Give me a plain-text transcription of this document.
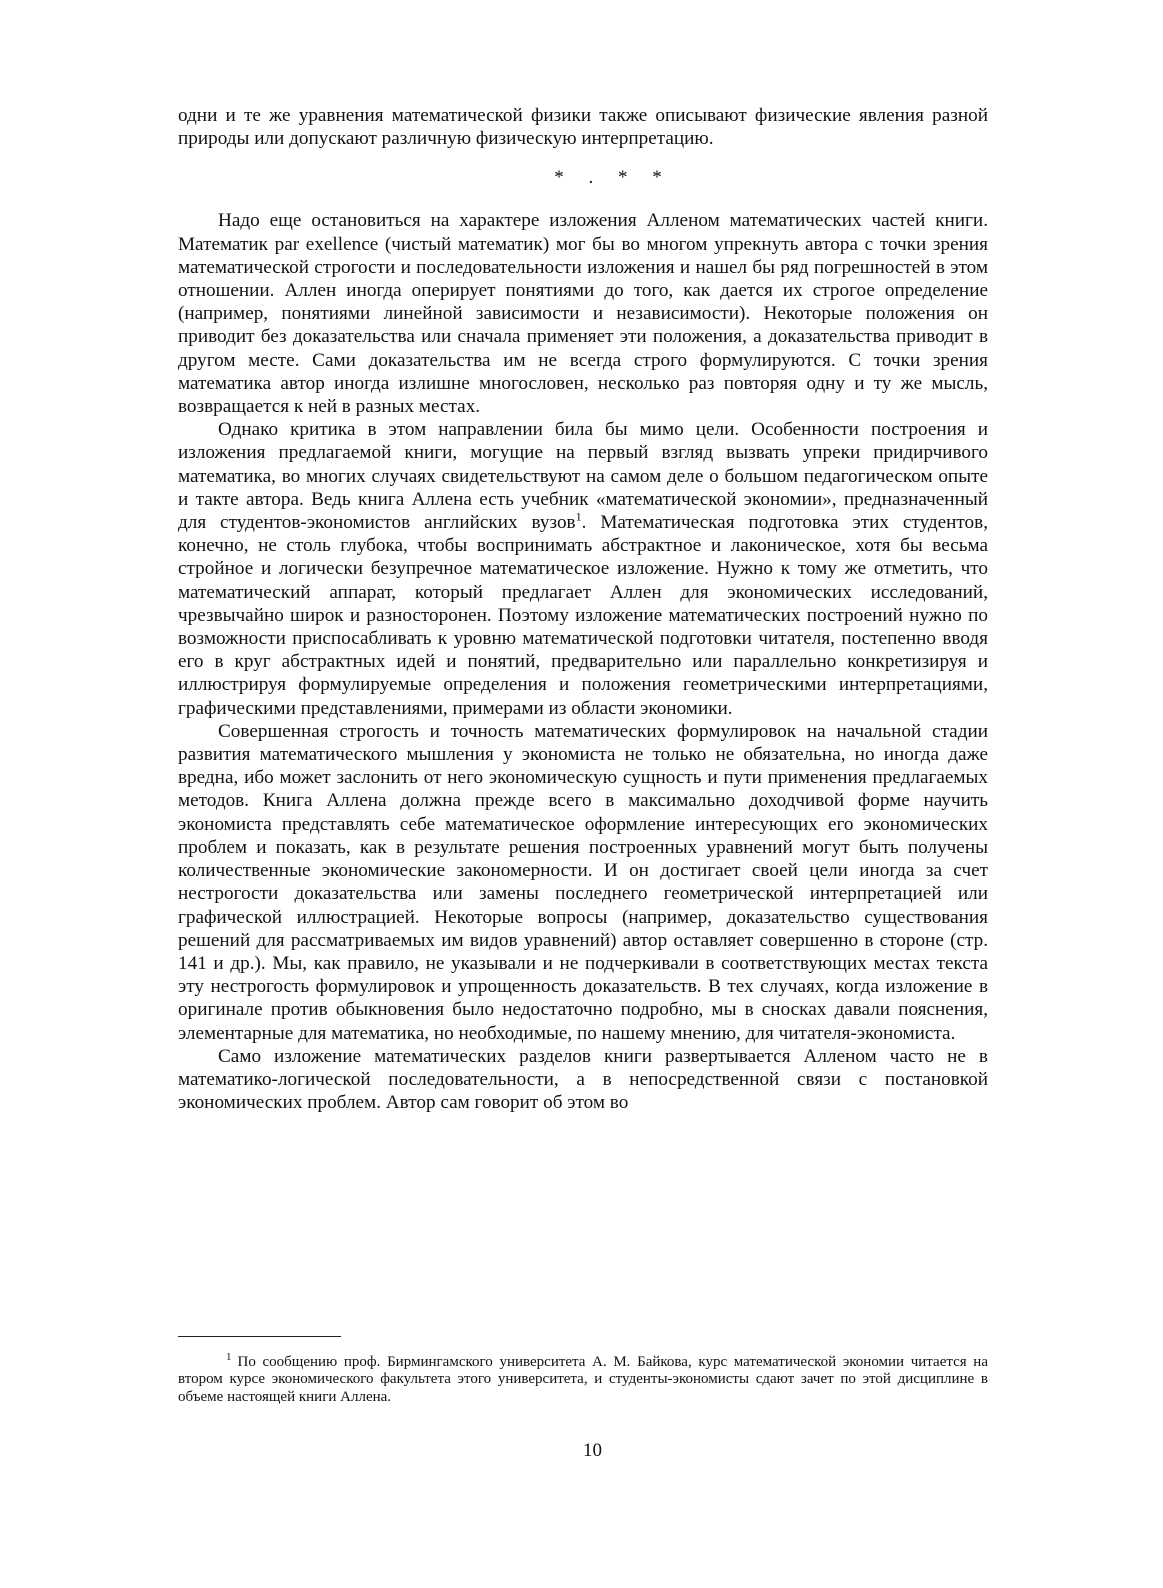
одни и те же уравнения математической физики также описывают физические явления разной природы или допускают различную физическую интерпретацию.

* . * *

Надо еще остановиться на характере изложения Алленом математических частей книги. Математик par exellence (чистый математик) мог бы во многом упрекнуть автора с точки зрения математической строгости и последовательности изложения и нашел бы ряд погрешностей в этом отношении. Аллен иногда оперирует понятиями до того, как дается их строгое определение (например, понятиями линейной зависимости и независимости). Некоторые положения он приводит без доказательства или сначала применяет эти положения, а доказательства приводит в другом месте. Сами доказательства им не всегда строго формулируются. С точки зрения математика автор иногда излишне многословен, несколько раз повторяя одну и ту же мысль, возвращается к ней в разных местах.

Однако критика в этом направлении била бы мимо цели. Особенности построения и изложения предлагаемой книги, могущие на первый взгляд вызвать упреки придирчивого математика, во многих случаях свидетельствуют на самом деле о большом педагогическом опыте и такте автора. Ведь книга Аллена есть учебник «математической экономии», предназначенный для студентов-экономистов английских вузов$^1$. Математическая подготовка этих студентов, конечно, не столь глубока, чтобы воспринимать абстрактное и лаконическое, хотя бы весьма стройное и логически безупречное математическое изложение. Нужно к тому же отметить, что математический аппарат, который предлагает Аллен для экономических исследований, чрезвычайно широк и разносторонен. Поэтому изложение математических построений нужно по возможности приспосабливать к уровню математической подготовки читателя, постепенно вводя его в круг абстрактных идей и понятий, предварительно или параллельно конкретизируя и иллюстрируя формулируемые определения и положения геометрическими интерпретациями, графическими представлениями, примерами из области экономики.

Совершенная строгость и точность математических формулировок на начальной стадии развития математического мышления у экономиста не только не обязательна, но иногда даже вредна, ибо может заслонить от него экономическую сущность и пути применения предлагаемых методов. Книга Аллена должна прежде всего в максимально доходчивой форме научить экономиста представлять себе математическое оформление интересующих его экономических проблем и показать, как в результате решения построенных уравнений могут быть получены количественные экономические закономерности. И он достигает своей цели иногда за счет нестрогости доказательства или замены последнего геометрической интерпретацией или графической иллюстрацией. Некоторые вопросы (например, доказательство существования решений для рассматриваемых им видов уравнений) автор оставляет совершенно в стороне (стр. 141 и др.). Мы, как правило, не указывали и не подчеркивали в соответствующих местах текста эту нестрогость формулировок и упрощенность доказательств. В тех случаях, когда изложение в оригинале против обыкновения было недостаточно подробно, мы в сносках давали пояснения, элементарные для математика, но необходимые, по нашему мнению, для читателя-экономиста.

Само изложение математических разделов книги развертывается Алленом часто не в математико-логической последовательности, а в непосредственной связи с постановкой экономических проблем. Автор сам говорит об этом во

$^1$ По сообщению проф. Бирмингамского университета А. М. Байкова, курс математической экономии читается на втором курсе экономического факультета этого университета, и студенты-экономисты сдают зачет по этой дисциплине в объеме настоящей книги Аллена.

10
